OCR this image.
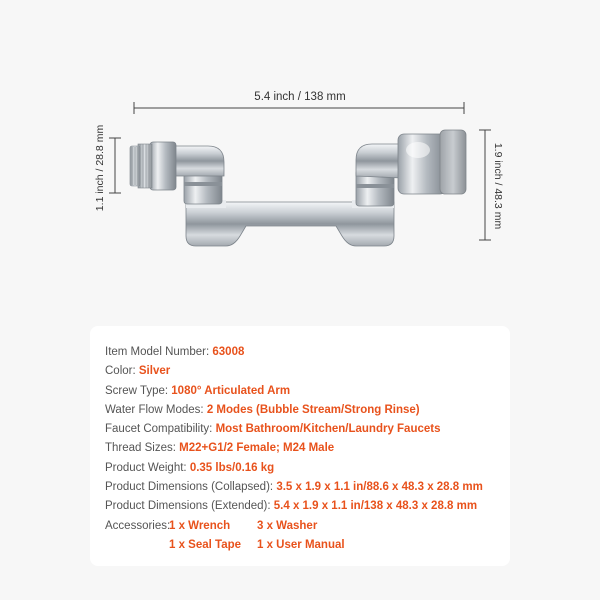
5.4 inch / 138 mm
1.1 inch / 28.8 mm	1.9 inch / 48.3 mm
Item Model Number: 63008
Color: Silver
Screw Type: 1080° Articulated Arm
Water Flow Modes: 2 Modes (Bubble Stream/Strong Rinse)
Faucet Compatibility: Most Bathroom/Kitchen/Laundry Faucets
Thread Sizes: M22+G1/2 Female; M24 Male
Product Weight: 0.35 lbs/0.16 kg
Product Dimensions (Collapsed): 3.5 x 1.9 x 1.1 in/88.6 x 48.3 x 28.8 mm
Product Dimensions (Extended): 5.4 x 1.9 x 1.1 in/138 x 48.3 x 28.8 mm
Accessories:
1 x Wrench	3 x Washer
1 x Seal Tape	1 x User Manual
